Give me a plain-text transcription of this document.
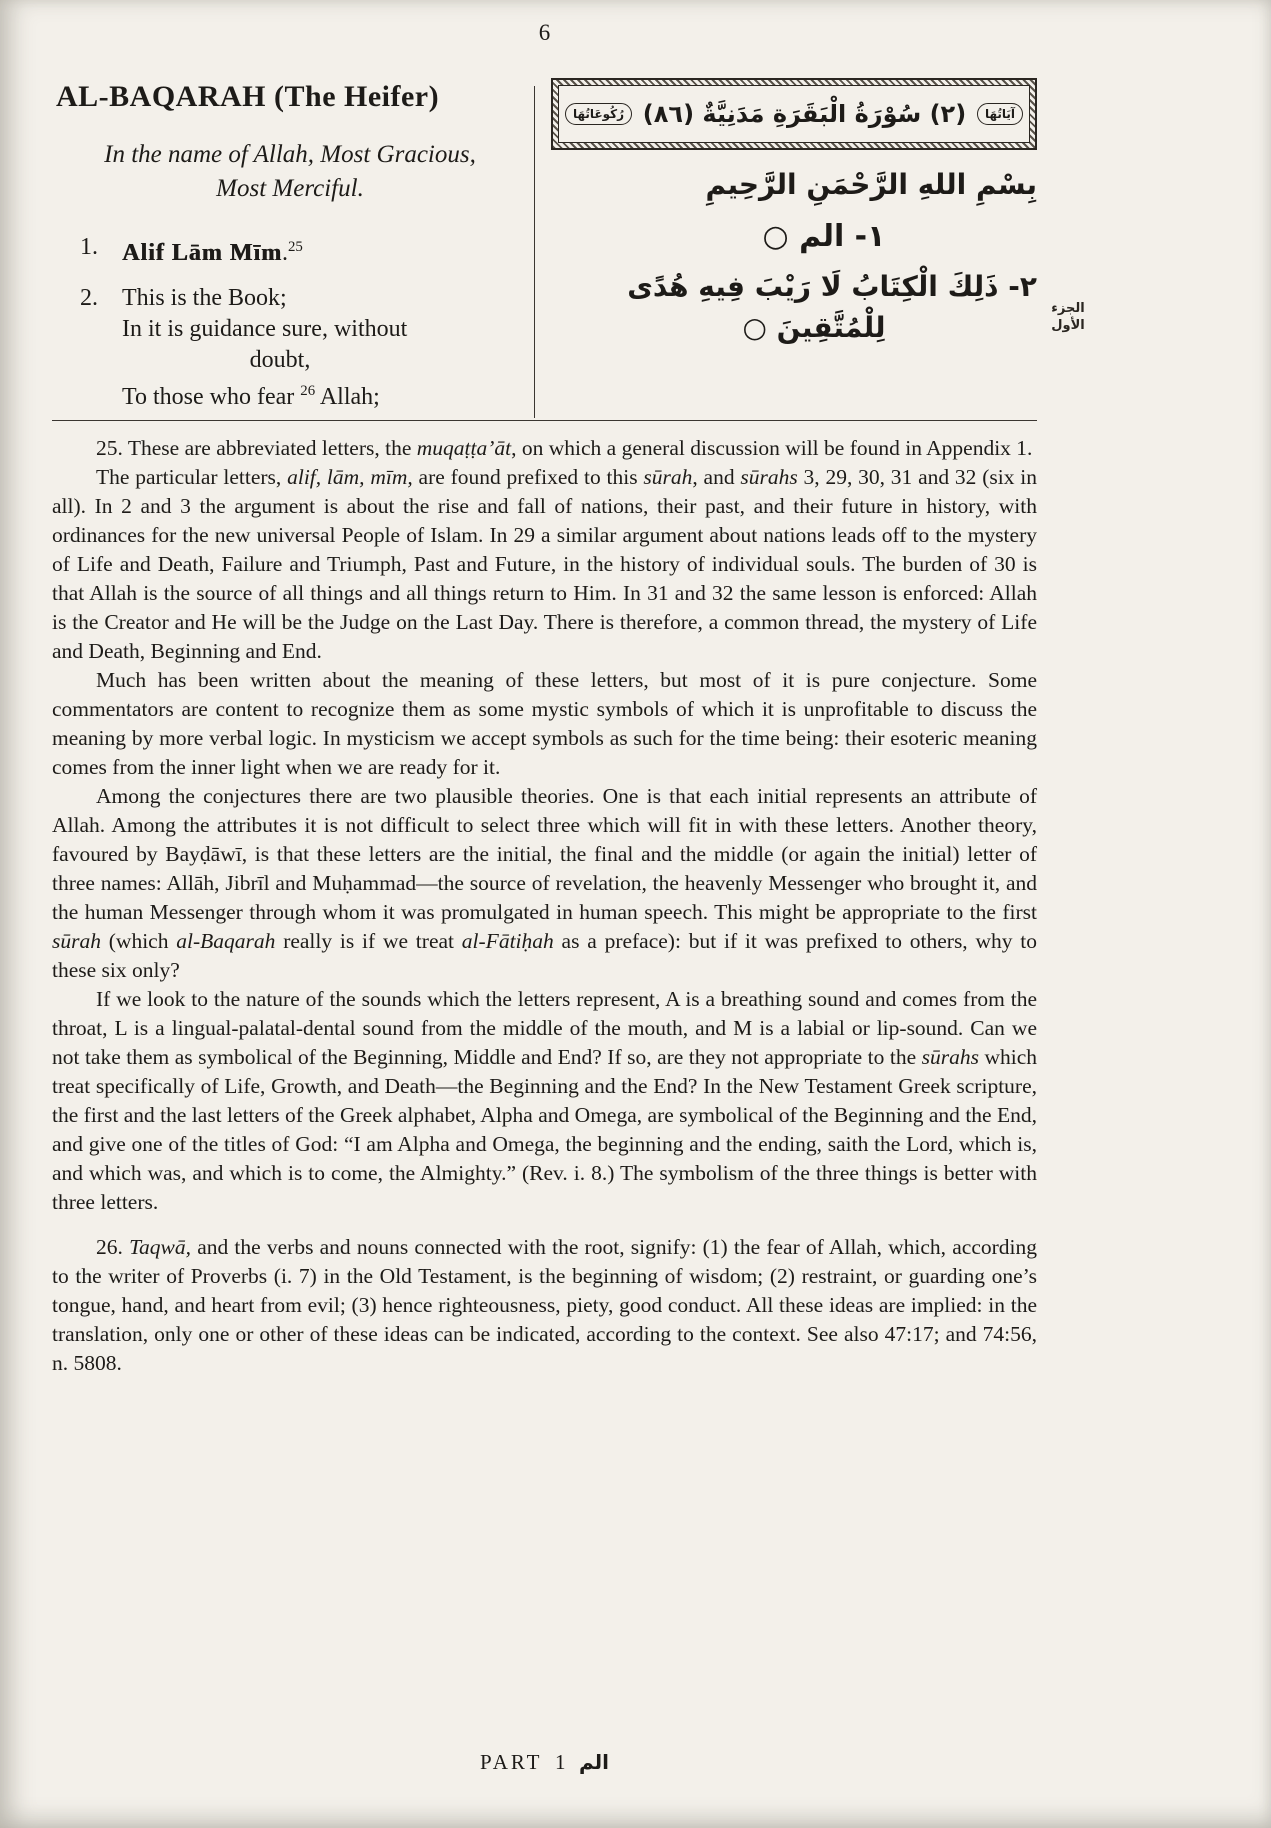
6
AL-BAQARAH (The Heifer)

In the name of Allah, Most Gracious,
Most Merciful.

1.	Alif Lām Mīm.$^{25}$
2.	This is the Book;
In it is guidance sure, without
doubt,
To those who fear $^{26}$ Allah;
آيَاتُهَا
(٢) سُوْرَةُ الْبَقَرَةِ مَدَنِيَّةٌ (٨٦)
رُكُوعَاتُهَا
بِسْمِ اللهِ الرَّحْمَنِ الرَّحِيمِ
١- الم ○
٢- ذَلِكَ الْكِتَابُ لَا رَيْبَ فِيهِ هُدًى
لِلْمُتَّقِينَ ○
الجزء
الأول

25. These are abbreviated letters, the muqaṭṭa’āt, on which a general discussion will be found in Appendix 1.

The particular letters, alif, lām, mīm, are found prefixed to this sūrah, and sūrahs 3, 29, 30, 31 and 32 (six in all). In 2 and 3 the argument is about the rise and fall of nations, their past, and their future in history, with ordinances for the new universal People of Islam. In 29 a similar argument about nations leads off to the mystery of Life and Death, Failure and Triumph, Past and Future, in the history of individual souls. The burden of 30 is that Allah is the source of all things and all things return to Him. In 31 and 32 the same lesson is enforced: Allah is the Creator and He will be the Judge on the Last Day. There is therefore, a common thread, the mystery of Life and Death, Beginning and End.

Much has been written about the meaning of these letters, but most of it is pure conjecture. Some commentators are content to recognize them as some mystic symbols of which it is unprofitable to discuss the meaning by more verbal logic. In mysticism we accept symbols as such for the time being: their esoteric meaning comes from the inner light when we are ready for it.

Among the conjectures there are two plausible theories. One is that each initial represents an attribute of Allah. Among the attributes it is not difficult to select three which will fit in with these letters. Another theory, favoured by Bayḍāwī, is that these letters are the initial, the final and the middle (or again the initial) letter of three names: Allāh, Jibrīl and Muḥammad—the source of revelation, the heavenly Messenger who brought it, and the human Messenger through whom it was promulgated in human speech. This might be appropriate to the first sūrah (which al-Baqarah really is if we treat al-Fātiḥah as a preface): but if it was prefixed to others, why to these six only?

If we look to the nature of the sounds which the letters represent, A is a breathing sound and comes from the throat, L is a lingual-palatal-dental sound from the middle of the mouth, and M is a labial or lip-sound. Can we not take them as symbolical of the Beginning, Middle and End? If so, are they not appropriate to the sūrahs which treat specifically of Life, Growth, and Death—the Beginning and the End? In the New Testament Greek scripture, the first and the last letters of the Greek alphabet, Alpha and Omega, are symbolical of the Beginning and the End, and give one of the titles of God: “I am Alpha and Omega, the beginning and the ending, saith the Lord, which is, and which was, and which is to come, the Almighty.” (Rev. i. 8.) The symbolism of the three things is better with three letters.

26. Taqwā, and the verbs and nouns connected with the root, signify: (1) the fear of Allah, which, according to the writer of Proverbs (i. 7) in the Old Testament, is the beginning of wisdom; (2) restraint, or guarding one’s tongue, hand, and heart from evil; (3) hence righteousness, piety, good conduct. All these ideas are implied: in the translation, only one or other of these ideas can be indicated, according to the context. See also 47:17; and 74:56, n. 5808.

PART 1 الم
